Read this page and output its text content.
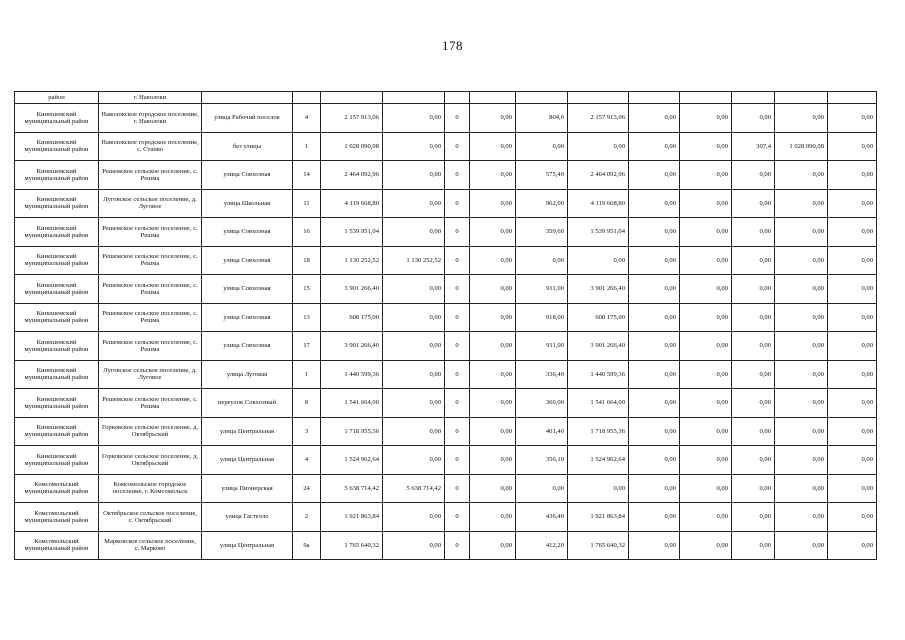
178
район	г. Наволоки													
Кинешемский муниципальный район	Наволокское городское поселение, г. Наволоки	улица Рабочий поселок	4	2 157 913,06	0,00	0	0,00	804,6	2 157 913,06	0,00	0,00	0,00	0,00	0,00
Кинешемский муниципальный район	Наволокское городское поселение, с. Станко	без улицы	1	1 028 090,08	0,00	0	0,00	0,00	0,00	0,00	0,00	307,4	1 028 090,08	0,00
Кинешемский муниципальный район	Решемское сельское поселение, с. Решма	улица Совхозная	14	2 464 092,96	0,00	0	0,00	575,40	2 464 092,96	0,00	0,00	0,00	0,00	0,00
Кинешемский муниципальный район	Луговское сельское поселение, д. Луговое	улица Школьная	11	4 119 668,80	0,00	0	0,00	962,00	4 119 668,80	0,00	0,00	0,00	0,00	0,00
Кинешемский муниципальный район	Решемское сельское поселение, с. Решма	улица Совхозная	16	1 539 951,04	0,00	0	0,00	359,60	1 539 951,04	0,00	0,00	0,00	0,00	0,00
Кинешемский муниципальный район	Решемское сельское поселение, с. Решма	улица Совхозная	18	1 130 252,52	1 130 252,52	0	0,00	0,00	0,00	0,00	0,00	0,00	0,00	0,00
Кинешемский муниципальный район	Решемское сельское поселение, с. Решма	улица Совхозная	15	3 901 266,40	0,00	0	0,00	911,00	3 901 266,40	0,00	0,00	0,00	0,00	0,00
Кинешемский муниципальный район	Решемское сельское поселение, с. Решма	улица Совхозная	13	608 175,00	0,00	0	0,00	918,00	608 175,00	0,00	0,00	0,00	0,00	0,00
Кинешемский муниципальный район	Решемское сельское поселение, с. Решма	улица Совхозная	17	3 901 266,40	0,00	0	0,00	911,00	3 901 266,40	0,00	0,00	0,00	0,00	0,00
Кинешемский муниципальный район	Луговское сельское поселение, д. Луговое	улица Луговая	1	1 440 599,36	0,00	0	0,00	336,40	1 440 599,36	0,00	0,00	0,00	0,00	0,00
Кинешемский муниципальный район	Решемское сельское поселение, с. Решма	переулок Совхозный	8	1 541 664,00	0,00	0	0,00	360,00	1 541 664,00	0,00	0,00	0,00	0,00	0,00
Кинешемский муниципальный район	Горковское сельское поселение, д. Октябрьский	улица Центральная	3	1 718 955,36	0,00	0	0,00	401,40	1 718 955,36	0,00	0,00	0,00	0,00	0,00
Кинешемский муниципальный район	Горковское сельское поселение, д. Октябрьский	улица Центральная	4	1 524 962,64	0,00	0	0,00	356,10	1 524 962,64	0,00	0,00	0,00	0,00	0,00
Комсомольский муниципальный район	Комсомольское городское поселение, г. Комсомольск	улица Пионерская	24	5 638 714,42	5 638 714,42	0	0,00	0,00	0,00	0,00	0,00	0,00	0,00	0,00
Комсомольский муниципальный район	Октябрьское сельское поселение, с. Октябрьский	улица Гастелло	2	1 921 863,84	0,00	0	0,00	436,40	1 921 863,84	0,00	0,00	0,00	0,00	0,00
Комсомольский муниципальный район	Марковское сельское поселение, с. Марково	улица Центральная	9а	1 765 640,32	0,00	0	0,00	412,20	1 765 640,32	0,00	0,00	0,00	0,00	0,00
